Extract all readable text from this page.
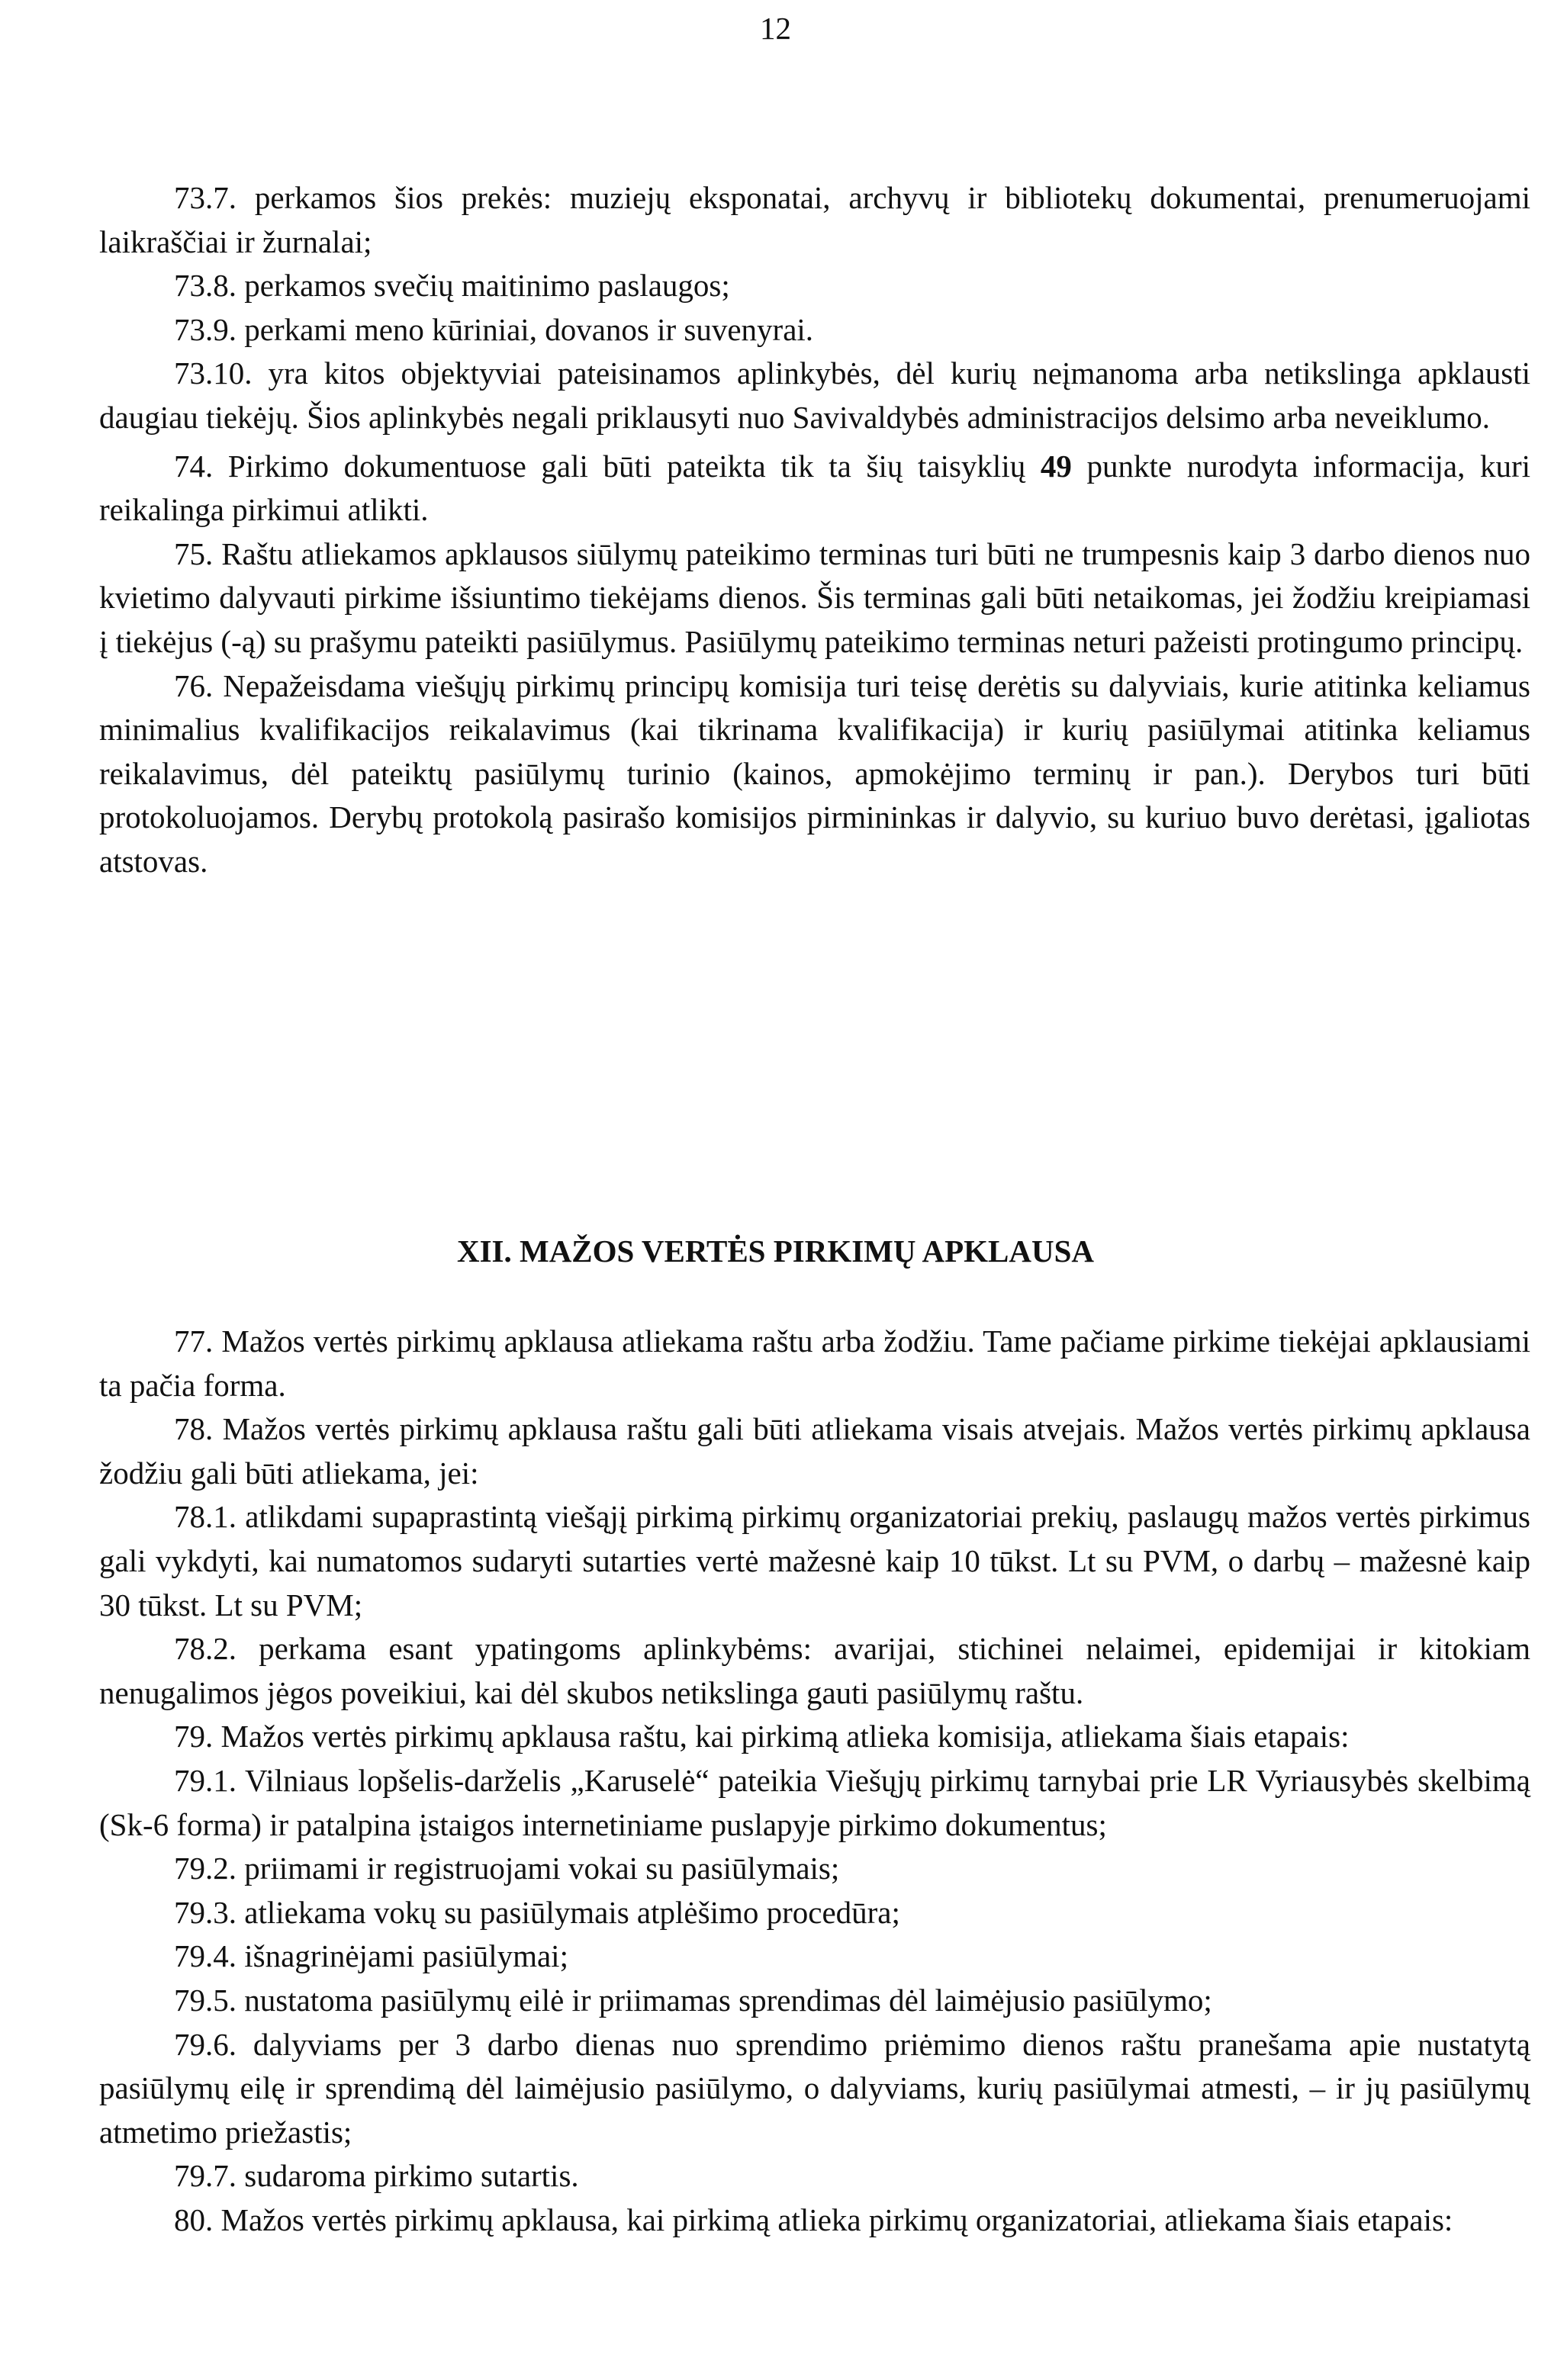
12

73.7. perkamos šios prekės: muziejų eksponatai, archyvų ir bibliotekų dokumentai, prenumeruojami laikraščiai ir žurnalai;

73.8. perkamos svečių maitinimo paslaugos;

73.9. perkami meno kūriniai, dovanos ir suvenyrai.

73.10. yra kitos objektyviai pateisinamos aplinkybės, dėl kurių neįmanoma arba netikslinga apklausti daugiau tiekėjų. Šios aplinkybės negali priklausyti nuo Savivaldybės administracijos delsimo arba neveiklumo.

74. Pirkimo dokumentuose gali būti pateikta tik ta šių taisyklių 49 punkte nurodyta informacija, kuri reikalinga pirkimui atlikti.

75. Raštu atliekamos apklausos siūlymų pateikimo terminas turi būti ne trumpesnis kaip 3 darbo dienos nuo kvietimo dalyvauti pirkime išsiuntimo tiekėjams dienos. Šis terminas gali būti netaikomas, jei žodžiu kreipiamasi į tiekėjus (-ą) su prašymu pateikti pasiūlymus. Pasiūlymų pateikimo terminas neturi pažeisti protingumo principų.

76. Nepažeisdama viešųjų pirkimų principų komisija turi teisę derėtis su dalyviais, kurie atitinka keliamus minimalius kvalifikacijos reikalavimus (kai tikrinama kvalifikacija) ir kurių pasiūlymai atitinka keliamus reikalavimus, dėl pateiktų pasiūlymų turinio (kainos, apmokėjimo terminų ir pan.). Derybos turi būti protokoluojamos. Derybų protokolą pasirašo komisijos pirmininkas ir dalyvio, su kuriuo buvo derėtasi, įgaliotas atstovas.

XII. MAŽOS VERTĖS PIRKIMŲ APKLAUSA

77. Mažos vertės pirkimų apklausa atliekama raštu arba žodžiu. Tame pačiame pirkime tiekėjai apklausiami ta pačia forma.

78. Mažos vertės pirkimų apklausa raštu gali būti atliekama visais atvejais. Mažos vertės pirkimų apklausa žodžiu gali būti atliekama, jei:

78.1. atlikdami supaprastintą viešąjį pirkimą pirkimų organizatoriai prekių, paslaugų mažos vertės pirkimus gali vykdyti, kai numatomos sudaryti sutarties vertė mažesnė kaip 10 tūkst. Lt su PVM, o darbų – mažesnė kaip 30 tūkst. Lt su PVM;

78.2. perkama esant ypatingoms aplinkybėms: avarijai, stichinei nelaimei, epidemijai ir kitokiam nenugalimos jėgos poveikiui, kai dėl skubos netikslinga gauti pasiūlymų raštu.

79. Mažos vertės pirkimų apklausa raštu, kai pirkimą atlieka komisija, atliekama šiais etapais:

79.1. Vilniaus lopšelis-darželis „Karuselė“ pateikia Viešųjų pirkimų tarnybai prie LR Vyriausybės skelbimą (Sk-6 forma) ir patalpina įstaigos internetiniame puslapyje pirkimo dokumentus;

79.2. priimami ir registruojami vokai su pasiūlymais;

79.3. atliekama vokų su pasiūlymais atplėšimo procedūra;

79.4. išnagrinėjami pasiūlymai;

79.5. nustatoma pasiūlymų eilė ir priimamas sprendimas dėl laimėjusio pasiūlymo;

79.6. dalyviams per 3 darbo dienas nuo sprendimo priėmimo dienos raštu pranešama apie nustatytą pasiūlymų eilę ir sprendimą dėl laimėjusio pasiūlymo, o dalyviams, kurių pasiūlymai atmesti, – ir jų pasiūlymų atmetimo priežastis;

79.7. sudaroma pirkimo sutartis.

80. Mažos vertės pirkimų apklausa, kai pirkimą atlieka pirkimų organizatoriai, atliekama šiais etapais:
